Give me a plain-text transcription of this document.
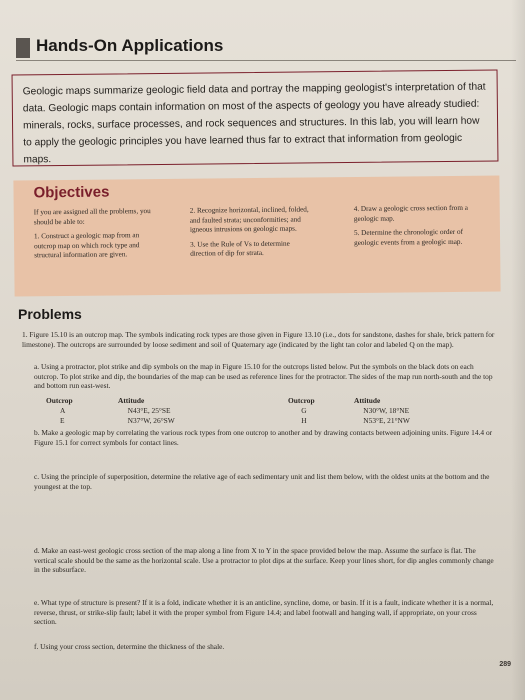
Hands-On Applications
Geologic maps summarize geologic field data and portray the mapping geologist's interpretation of that data. Geologic maps contain information on most of the aspects of geology you have already studied: minerals, rocks, surface processes, and rock sequences and structures. In this lab, you will learn how to apply the geologic principles you have learned thus far to extract that information from geologic maps.
Objectives

If you are assigned all the problems, you should be able to:

1. Construct a geologic map from an outcrop map on which rock type and structural information are given.

2. Recognize horizontal, inclined, folded, and faulted strata; unconformities; and igneous intrusions on geologic maps.

3. Use the Rule of Vs to determine direction of dip for strata.

4. Draw a geologic cross section from a geologic map.

5. Determine the chronologic order of geologic events from a geologic map.

Problems

1. Figure 15.10 is an outcrop map. The symbols indicating rock types are those given in Figure 13.10 (i.e., dots for sandstone, dashes for shale, brick pattern for limestone). The outcrops are surrounded by loose sediment and soil of Quaternary age (indicated by the light tan color and labeled Q on the map).

a. Using a protractor, plot strike and dip symbols on the map in Figure 15.10 for the outcrops listed below. Put the symbols on the black dots on each outcrop. To plot strike and dip, the boundaries of the map can be used as reference lines for the protractor. The sides of the map run north-south and the top and bottom run east-west.

Outcrop	Attitude	Outcrop	Attitude
A	N43°E, 25°SE	G	N30°W, 18°NE
E	N37°W, 26°SW	H	N53°E, 21°NW

b. Make a geologic map by correlating the various rock types from one outcrop to another and by drawing contacts between adjoining units. Figure 14.4 or Figure 15.1 for correct symbols for contact lines.

c. Using the principle of superposition, determine the relative age of each sedimentary unit and list them below, with the oldest units at the bottom and the youngest at the top.

d. Make an east-west geologic cross section of the map along a line from X to Y in the space provided below the map. Assume the surface is flat. The vertical scale should be the same as the horizontal scale. Use a protractor to plot dips at the surface. Keep your lines short, for dip angles commonly change in the subsurface.

e. What type of structure is present? If it is a fold, indicate whether it is an anticline, syncline, dome, or basin. If it is a fault, indicate whether it is a normal, reverse, thrust, or strike-slip fault; label it with the proper symbol from Figure 14.4; and label footwall and hanging wall, if appropriate, on your cross section.

f. Using your cross section, determine the thickness of the shale.

289
